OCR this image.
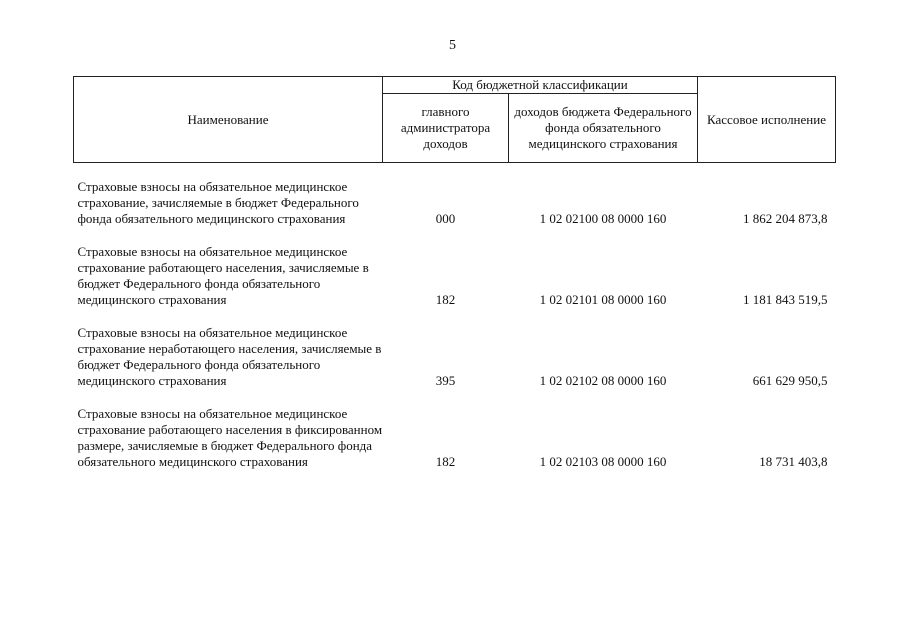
5
Наименование	Код бюджетной классификации		Кассовое исполнение
	главного администратора доходов	доходов бюджета Федерального фонда обязательного медицинского страхования	

Страховые взносы на обязательное медицинское страхование, зачисляемые в бюджет Федерального фонда обязательного медицинского страхования	000	1 02 02100 08 0000 160	1 862 204 873,8

Страховые взносы на обязательное медицинское страхование работающего населения, зачисляемые в бюджет Федерального фонда обязательного медицинского страхования	182	1 02 02101 08 0000 160	1 181 843 519,5

Страховые взносы на обязательное медицинское страхование неработающего населения, зачисляемые в бюджет Федерального фонда обязательного медицинского страхования	395	1 02 02102 08 0000 160	661 629 950,5

Страховые взносы на обязательное медицинское страхование работающего населения в фиксированном размере, зачисляемые в бюджет Федерального фонда обязательного медицинского страхования	182	1 02 02103 08 0000 160	18 731 403,8
